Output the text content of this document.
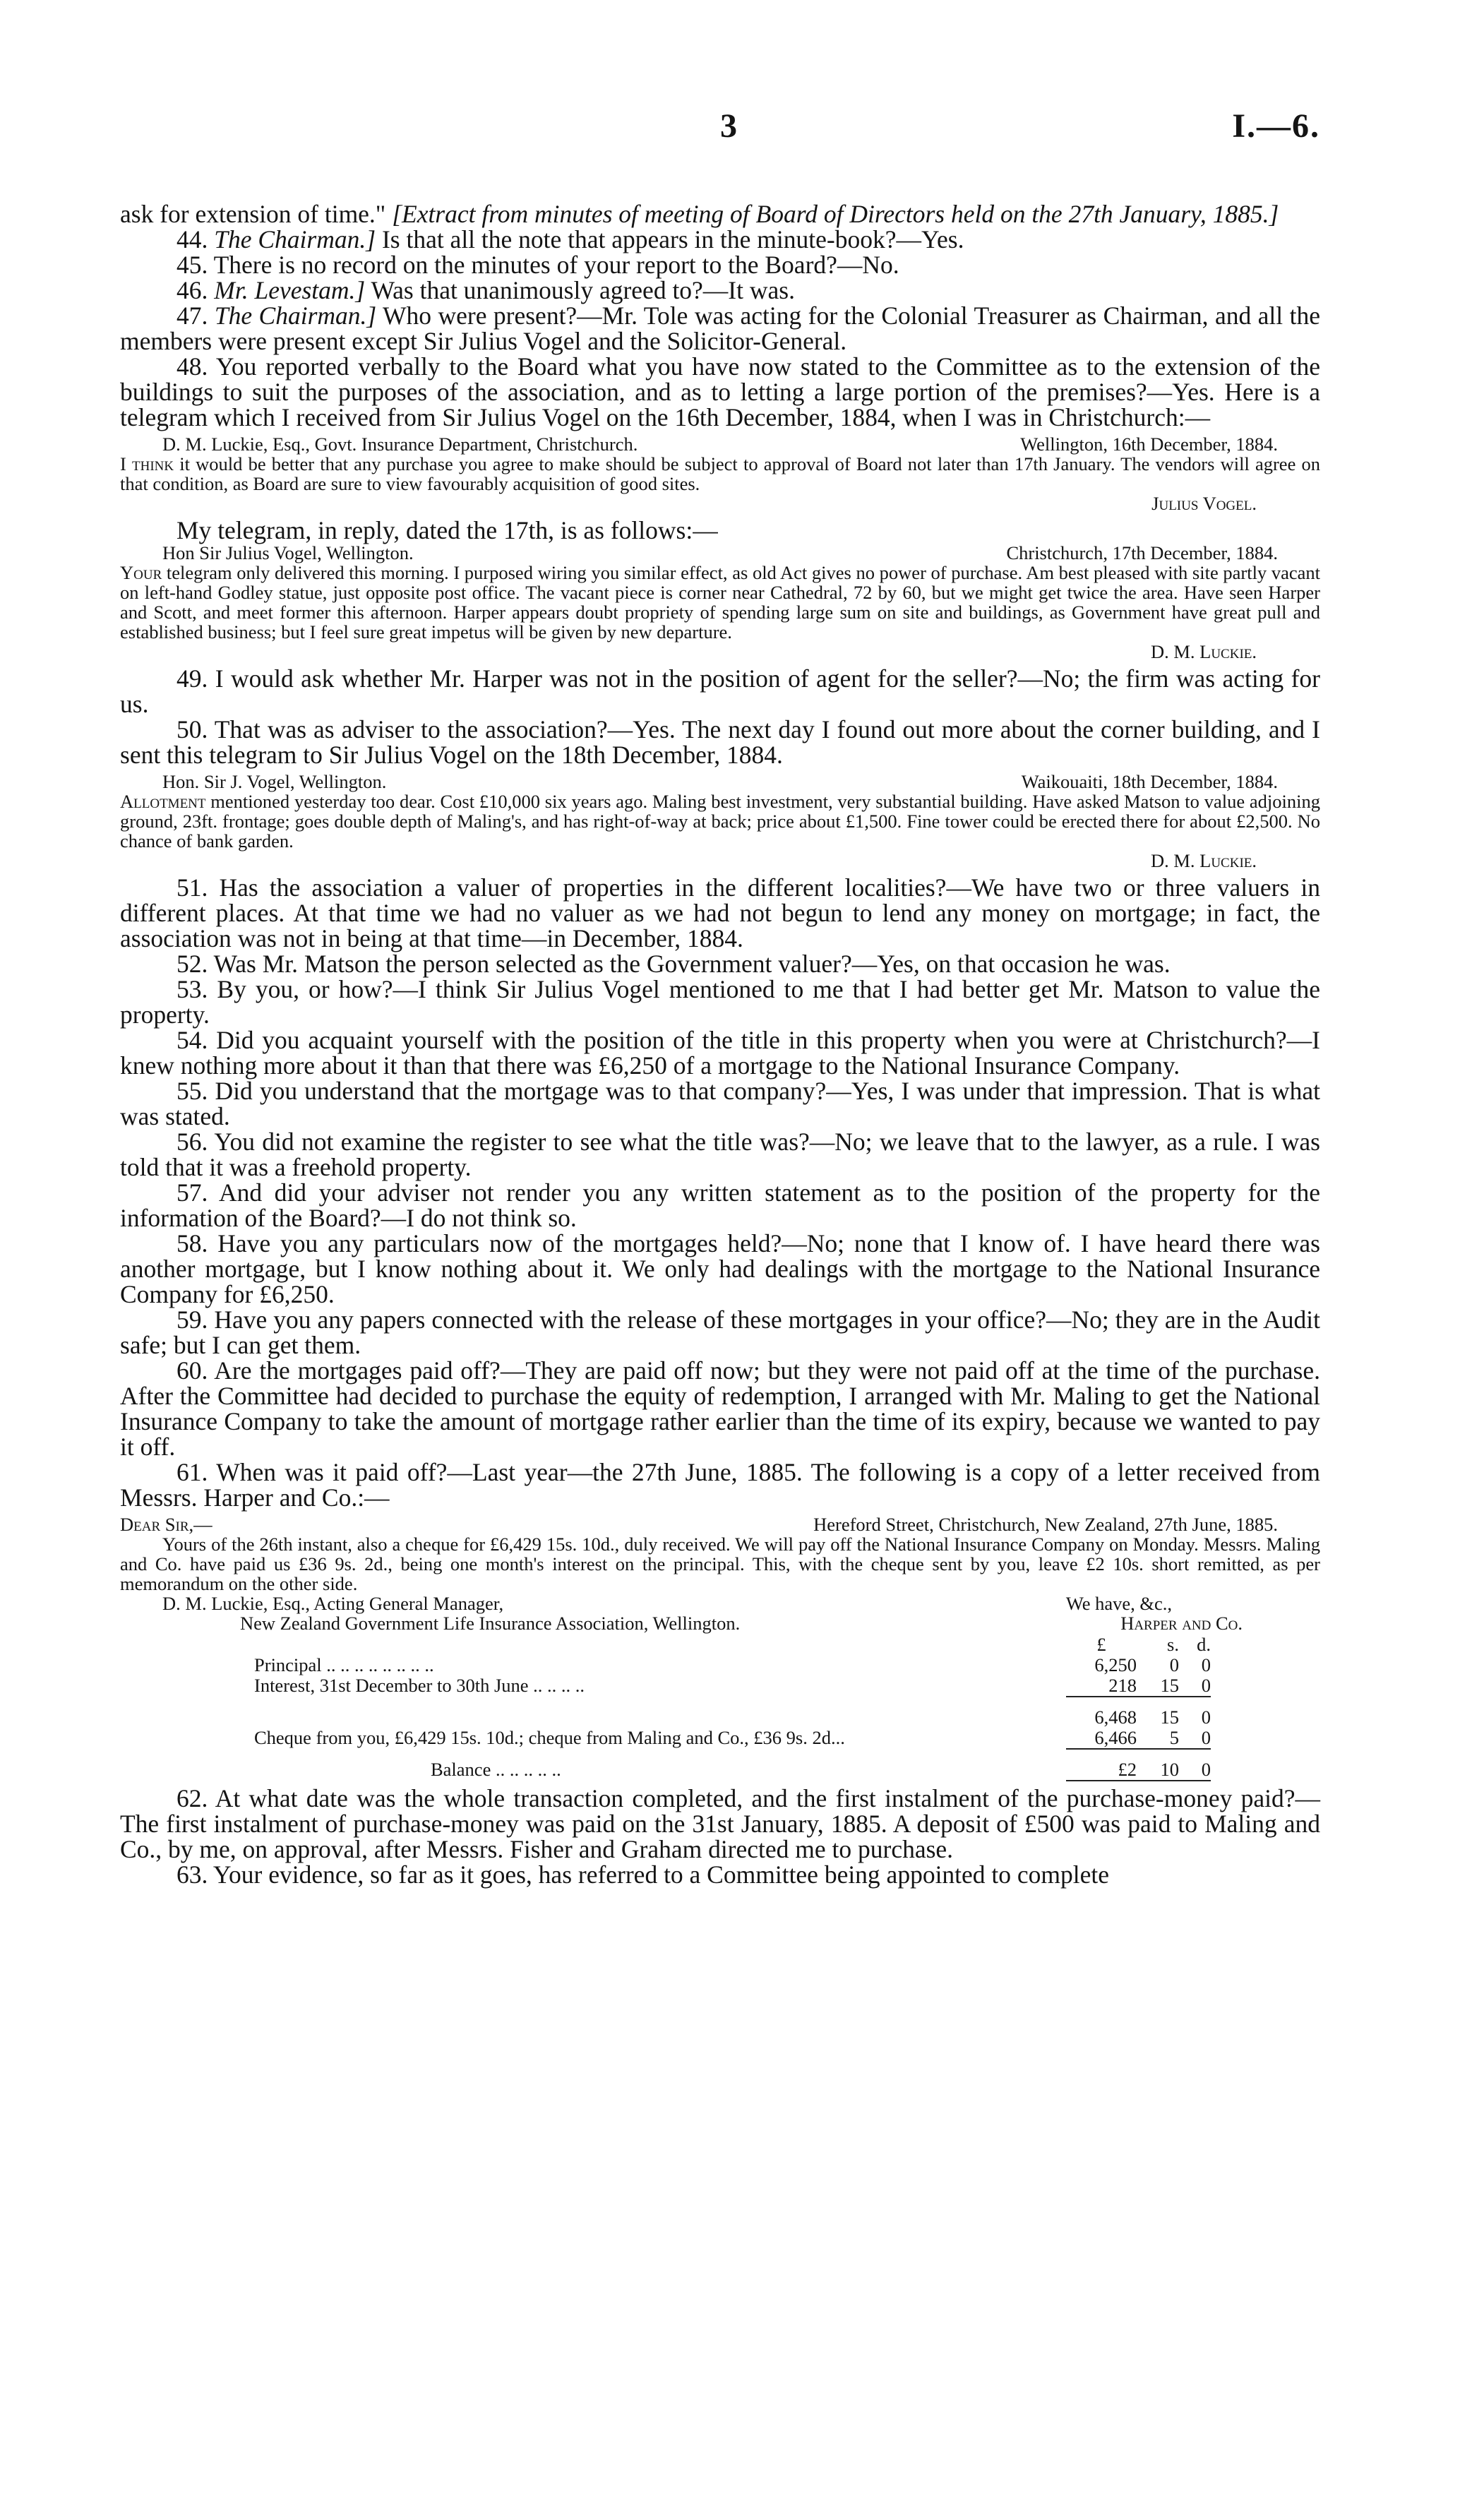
3	I.—6.

ask for extension of time." [Extract from minutes of meeting of Board of Directors held on the 27th January, 1885.]

44. The Chairman.] Is that all the note that appears in the minute-book?—Yes.

45. There is no record on the minutes of your report to the Board?—No.

46. Mr. Levestam.] Was that unanimously agreed to?—It was.

47. The Chairman.] Who were present?—Mr. Tole was acting for the Colonial Treasurer as Chairman, and all the members were present except Sir Julius Vogel and the Solicitor-General.

48. You reported verbally to the Board what you have now stated to the Committee as to the extension of the buildings to suit the purposes of the association, and as to letting a large portion of the premises?—Yes. Here is a telegram which I received from Sir Julius Vogel on the 16th December, 1884, when I was in Christchurch:—

D. M. Luckie, Esq., Govt. Insurance Department, Christchurch.	Wellington, 16th December, 1884.

I think it would be better that any purchase you agree to make should be subject to approval of Board not later than 17th January. The vendors will agree on that condition, as Board are sure to view favourably acquisition of good sites.

Julius Vogel.

My telegram, in reply, dated the 17th, is as follows:—

Hon Sir Julius Vogel, Wellington.	Christchurch, 17th December, 1884.

Your telegram only delivered this morning. I purposed wiring you similar effect, as old Act gives no power of purchase. Am best pleased with site partly vacant on left-hand Godley statue, just opposite post office. The vacant piece is corner near Cathedral, 72 by 60, but we might get twice the area. Have seen Harper and Scott, and meet former this afternoon. Harper appears doubt propriety of spending large sum on site and buildings, as Government have great pull and established business; but I feel sure great impetus will be given by new departure.

D. M. Luckie.

49. I would ask whether Mr. Harper was not in the position of agent for the seller?—No; the firm was acting for us.

50. That was as adviser to the association?—Yes. The next day I found out more about the corner building, and I sent this telegram to Sir Julius Vogel on the 18th December, 1884.

Hon. Sir J. Vogel, Wellington.	Waikouaiti, 18th December, 1884.

Allotment mentioned yesterday too dear. Cost £10,000 six years ago. Maling best investment, very substantial building. Have asked Matson to value adjoining ground, 23ft. frontage; goes double depth of Maling's, and has right-of-way at back; price about £1,500. Fine tower could be erected there for about £2,500. No chance of bank garden.

D. M. Luckie.

51. Has the association a valuer of properties in the different localities?—We have two or three valuers in different places. At that time we had no valuer as we had not begun to lend any money on mortgage; in fact, the association was not in being at that time—in December, 1884.

52. Was Mr. Matson the person selected as the Government valuer?—Yes, on that occasion he was.

53. By you, or how?—I think Sir Julius Vogel mentioned to me that I had better get Mr. Matson to value the property.

54. Did you acquaint yourself with the position of the title in this property when you were at Christchurch?—I knew nothing more about it than that there was £6,250 of a mortgage to the National Insurance Company.

55. Did you understand that the mortgage was to that company?—Yes, I was under that impression. That is what was stated.

56. You did not examine the register to see what the title was?—No; we leave that to the lawyer, as a rule. I was told that it was a freehold property.

57. And did your adviser not render you any written statement as to the position of the property for the information of the Board?—I do not think so.

58. Have you any particulars now of the mortgages held?—No; none that I know of. I have heard there was another mortgage, but I know nothing about it. We only had dealings with the mortgage to the National Insurance Company for £6,250.

59. Have you any papers connected with the release of these mortgages in your office?—No; they are in the Audit safe; but I can get them.

60. Are the mortgages paid off?—They are paid off now; but they were not paid off at the time of the purchase. After the Committee had decided to purchase the equity of redemption, I arranged with Mr. Maling to get the National Insurance Company to take the amount of mortgage rather earlier than the time of its expiry, because we wanted to pay it off.

61. When was it paid off?—Last year—the 27th June, 1885. The following is a copy of a letter received from Messrs. Harper and Co.:—

Dear Sir,—	Hereford Street, Christchurch, New Zealand, 27th June, 1885.

Yours of the 26th instant, also a cheque for £6,429 15s. 10d., duly received. We will pay off the National Insurance Company on Monday. Messrs. Maling and Co. have paid us £36 9s. 2d., being one month's interest on the principal. This, with the cheque sent by you, leave £2 10s. short remitted, as per memorandum on the other side.

D. M. Luckie, Esq., Acting General Manager,	We have, &c.,
New Zealand Government Life Insurance Association, Wellington.	Harper and Co.
£	s. d.
Principal .. .. .. .. .. .. .. ..	6,250	0	0
Interest, 31st December to 30th June .. .. .. ..	218	15	0
6,468	15	0
Cheque from you, £6,429 15s. 10d.; cheque from Maling and Co., £36 9s. 2d...	6,466	5	0
Balance .. .. .. .. ..	£2	10	0

62. At what date was the whole transaction completed, and the first instalment of the purchase-money paid?—The first instalment of purchase-money was paid on the 31st January, 1885. A deposit of £500 was paid to Maling and Co., by me, on approval, after Messrs. Fisher and Graham directed me to purchase.

63. Your evidence, so far as it goes, has referred to a Committee being appointed to complete
